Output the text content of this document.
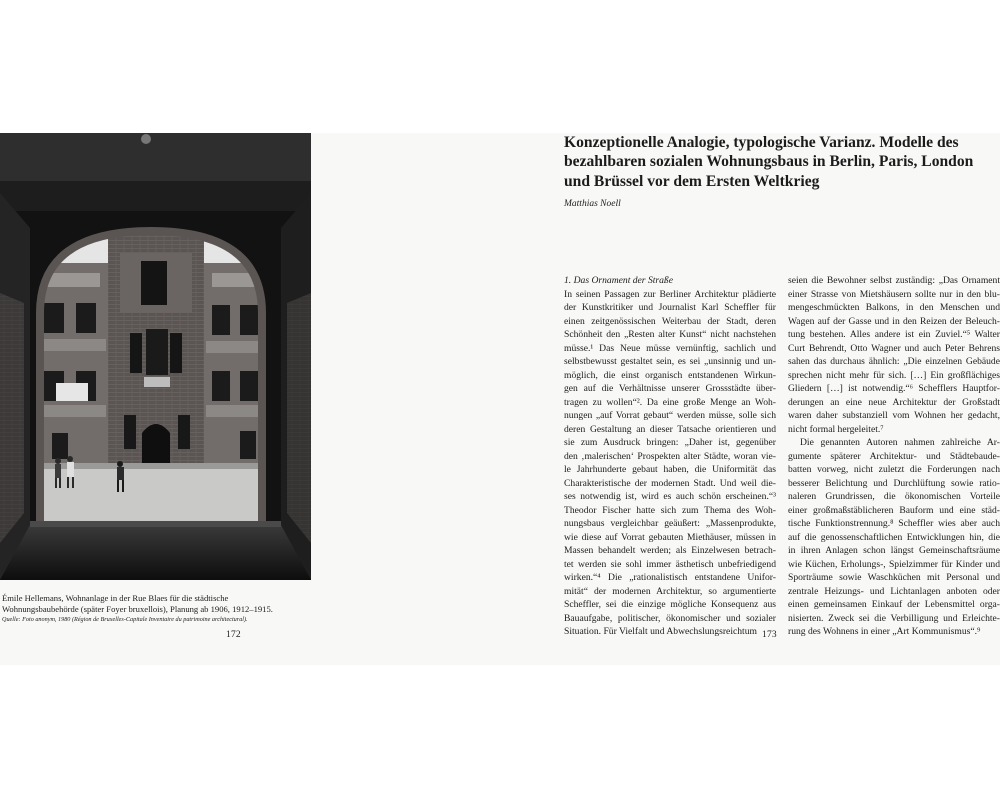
Émile Hellemans, Wohnanlage in der Rue Blaes für die städtische Wohnungsbaubehörde (später Foyer bruxellois), Planung ab 1906, 1912–1915.
Quelle: Foto anonym, 1980 (Région de Bruxelles-Capitale Inventaire du patrimoine architectural).

172
Konzeptionelle Analogie, typologische Varianz. Modelle des bezahlbaren sozialen Wohnungsbaus in Berlin, Paris, London und Brüssel vor dem Ersten Weltkrieg

Matthias Noell

1. Das Ornament der Straße
In seinen Passagen zur Berliner Architektur plädierte
der Kunstkritiker und Journalist Karl Scheffler für
einen zeitgenössischen Weiterbau der Stadt, deren
Schönheit den „Resten alter Kunst“ nicht nachstehen
müsse.¹ Das Neue müsse vernünftig, sachlich und
selbstbewusst gestaltet sein, es sei „unsinnig und un-
möglich, die einst organisch entstandenen Wirkun-
gen auf die Verhältnisse unserer Grossstädte über-
tragen zu wollen“². Da eine große Menge an Woh-
nungen „auf Vorrat gebaut“ werden müsse, solle sich
deren Gestaltung an dieser Tatsache orientieren und
sie zum Ausdruck bringen: „Daher ist, gegenüber
den ‚malerischen‘ Prospekten alter Städte, woran vie-
le Jahrhunderte gebaut haben, die Uniformität das
Charakteristische der modernen Stadt. Und weil die-
ses notwendig ist, wird es auch schön erscheinen.“³
Theodor Fischer hatte sich zum Thema des Woh-
nungsbaus vergleichbar geäußert: „Massenprodukte,
wie diese auf Vorrat gebauten Miethäuser, müssen in
Massen behandelt werden; als Einzelwesen betrach-
tet werden sie sohl immer ästhetisch unbefriedigend
wirken.“⁴ Die „rationalistisch entstandene Unifor-
mität“ der modernen Architektur, so argumentierte
Scheffler, sei die einzige mögliche Konsequenz aus
Bauaufgabe, politischer, ökonomischer und sozialer
Situation. Für Vielfalt und Abwechslungsreichtum
seien die Bewohner selbst zuständig: „Das Ornament
einer Strasse von Mietshäusern sollte nur in den blu-
mengeschmückten Balkons, in den Menschen und
Wagen auf der Gasse und in den Reizen der Beleuch-
tung bestehen. Alles andere ist ein Zuviel.“⁵ Walter
Curt Behrendt, Otto Wagner und auch Peter Behrens
sahen das durchaus ähnlich: „Die einzelnen Gebäude
sprechen nicht mehr für sich. […] Ein großflächiges
Gliedern […] ist notwendig.“⁶ Schefflers Hauptfor-
derungen an eine neue Architektur der Großstadt
waren daher substanziell vom Wohnen her gedacht,
nicht formal hergeleitet.⁷
Die genannten Autoren nahmen zahlreiche Ar-
gumente späterer Architektur- und Städtebaude-
batten vorweg, nicht zuletzt die Forderungen nach
besserer Belichtung und Durchlüftung sowie ratio-
naleren Grundrissen, die ökonomischen Vorteile
einer großmaßstäblicheren Bauform und eine städ-
tische Funktionstrennung.⁸ Scheffler wies aber auch
auf die genossenschaftlichen Entwicklungen hin, die
in ihren Anlagen schon längst Gemeinschaftsräume
wie Küchen, Erholungs-, Spielzimmer für Kinder und
Sporträume sowie Waschküchen mit Personal und
zentrale Heizungs- und Lichtanlagen anboten oder
einen gemeinsamen Einkauf der Lebensmittel orga-
nisierten. Zweck sei die Verbilligung und Erleichte-
rung des Wohnens in einer „Art Kommunismus“.⁹
173
